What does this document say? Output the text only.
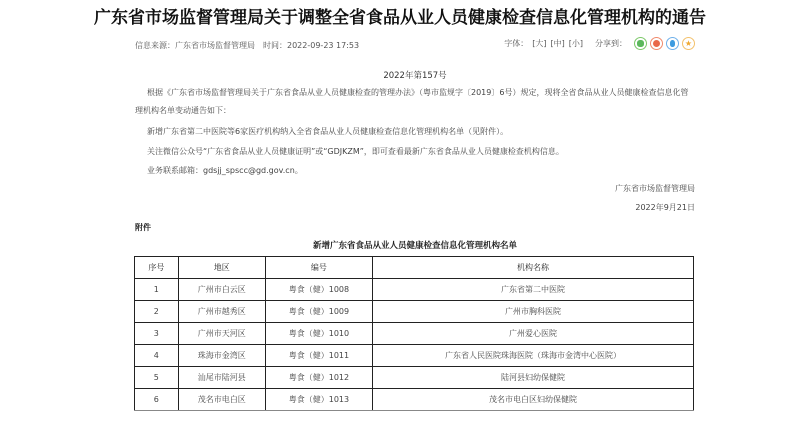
广东省市场监督管理局关于调整全省食品从业人员健康检查信息化管理机构的通告
信息来源：广东省市场监督管理局 时间：2022-09-23 17:53	字体： [大] [中] [小] 分享到：	★
2022年第157号
根据《广东省市场监督管理局关于广东省食品从业人员健康检查的管理办法》（粤市监规字〔2019〕6号）规定，现将全省食品从业人员健康检查信息化管理机构名单变动通告如下：
新增广东省第二中医院等6家医疗机构纳入全省食品从业人员健康检查信息化管理机构名单（见附件）。
关注微信公众号“广东省食品从业人员健康证明”或“GDJKZM”，即可查看最新广东省食品从业人员健康检查机构信息。
业务联系邮箱：gdsjj_spscc@gd.gov.cn。
广东省市场监督管理局
2022年9月21日
附件
新增广东省食品从业人员健康检查信息化管理机构名单
序号	地区	编号	机构名称
1	广州市白云区	粤食（健）1008	广东省第二中医院
2	广州市越秀区	粤食（健）1009	广州市胸科医院
3	广州市天河区	粤食（健）1010	广州爱心医院
4	珠海市金湾区	粤食（健）1011	广东省人民医院珠海医院（珠海市金湾中心医院）
5	汕尾市陆河县	粤食（健）1012	陆河县妇幼保健院
6	茂名市电白区	粤食（健）1013	茂名市电白区妇幼保健院
